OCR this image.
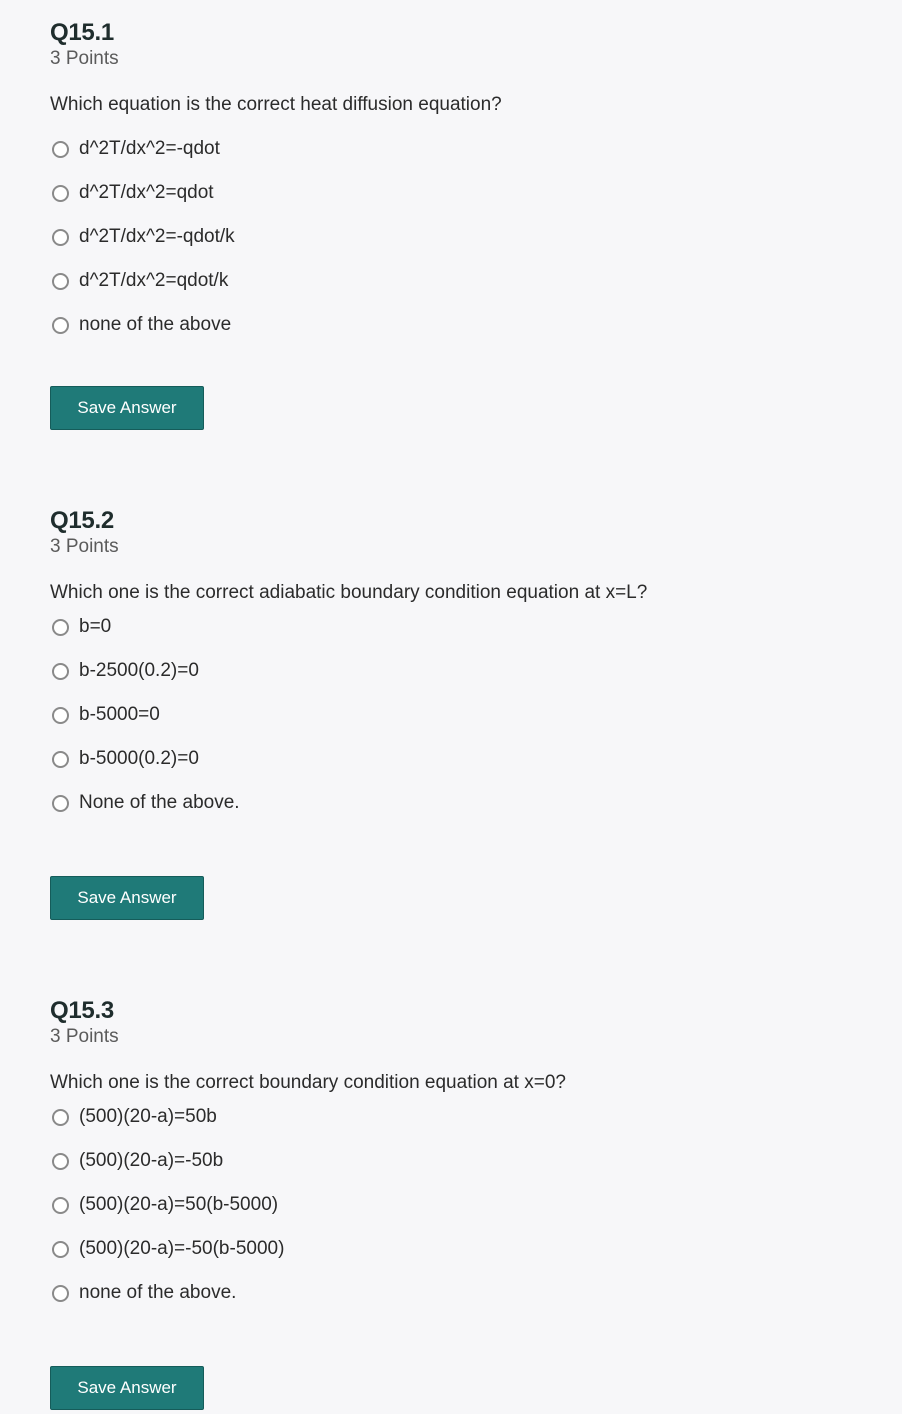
Q15.1
3 Points
Which equation is the correct heat diffusion equation?
d^2T/dx^2=-qdot
d^2T/dx^2=qdot
d^2T/dx^2=-qdot/k
d^2T/dx^2=qdot/k
none of the above
Save Answer
Q15.2
3 Points
Which one is the correct adiabatic boundary condition equation at x=L?
b=0
b-2500(0.2)=0
b-5000=0
b-5000(0.2)=0
None of the above.
Save Answer
Q15.3
3 Points
Which one is the correct boundary condition equation at x=0?
(500)(20-a)=50b
(500)(20-a)=-50b
(500)(20-a)=50(b-5000)
(500)(20-a)=-50(b-5000)
none of the above.
Save Answer
